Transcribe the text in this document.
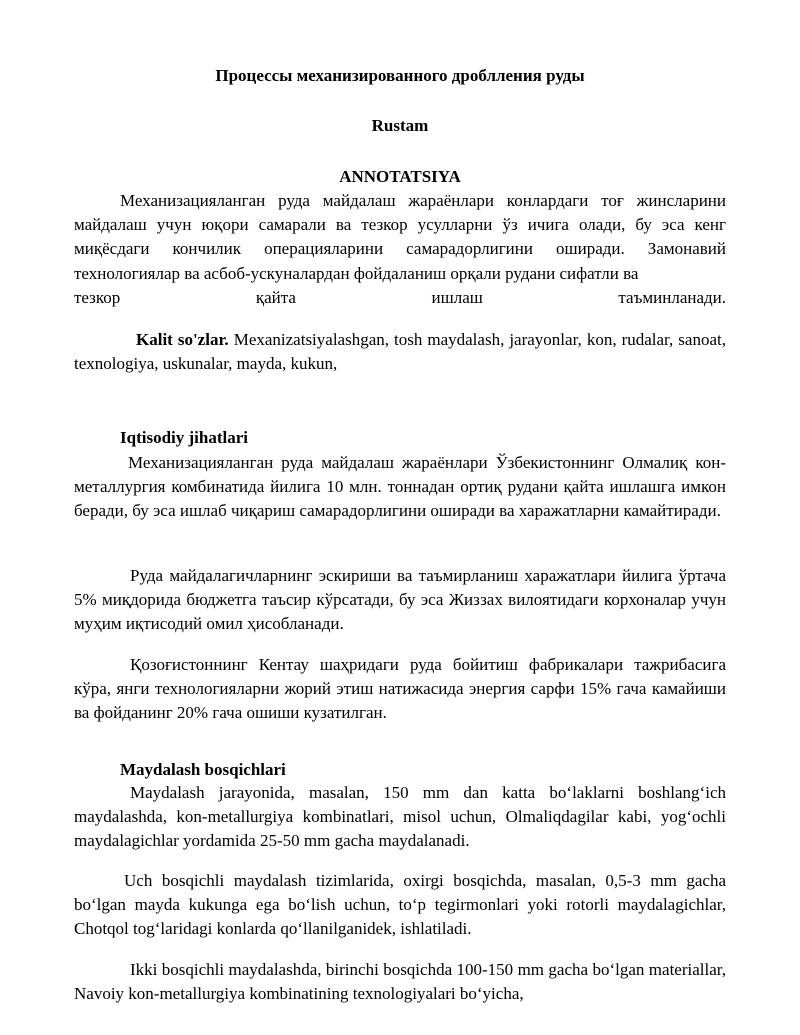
Процессы механизированного дроблления руды
Rustam
ANNOTATSIYA
Механизацияланган руда майдалаш жараёнлари конлардаги тоғ жинсларини майдалаш учун юқори самарали ва тезкор усулларни ўз ичига олади, бу эса кенг миқёсдаги кончилик операцияларини самарадорлигини оширади. Замонавий технологиялар ва асбоб-ускуналардан фойдаланиш орқали рудани сифатли ва
тезкор қайта ишлаш таъминланади.
Kalit so'zlar. Mexanizatsiyalashgan, tosh maydalash, jarayonlar, kon, rudalar, sanoat, texnologiya, uskunalar, mayda, kukun,
Iqtisodiy jihatlari
Механизацияланган руда майдалаш жараёнлари Ўзбекистоннинг Олмалиқ кон-металлургия комбинатида йилига 10 млн. тоннадан ортиқ рудани қайта ишлашга имкон беради, бу эса ишлаб чиқариш самарадорлигини оширади ва харажатларни камайтиради.
Руда майдалагичларнинг эскириши ва таъмирланиш харажатлари йилига ўртача 5% миқдорида бюджетга таъсир кўрсатади, бу эса Жиззах вилоятидаги корхоналар учун муҳим иқтисодий омил ҳисобланади.
Қозоғистоннинг Кентау шаҳридаги руда бойитиш фабрикалари тажрибасига кўра, янги технологияларни жорий этиш натижасида энергия сарфи 15% гача камайиши ва фойданинг 20% гача ошиши кузатилган.
Maydalash bosqichlari
Maydalash jarayonida, masalan, 150 mm dan katta bo‘laklarni boshlang‘ich maydalashda, kon-metallurgiya kombinatlari, misol uchun, Olmaliqdagilar kabi, yog‘ochli maydalagichlar yordamida 25-50 mm gacha maydalanadi.
Uch bosqichli maydalash tizimlarida, oxirgi bosqichda, masalan, 0,5-3 mm gacha bo‘lgan mayda kukunga ega bo‘lish uchun, to‘p tegirmonlari yoki rotorli maydalagichlar, Chotqol tog‘laridagi konlarda qo‘llanilganidek, ishlatiladi.
Ikki bosqichli maydalashda, birinchi bosqichda 100-150 mm gacha bo‘lgan materiallar, Navoiy kon-metallurgiya kombinatining texnologiyalari bo‘yicha,
